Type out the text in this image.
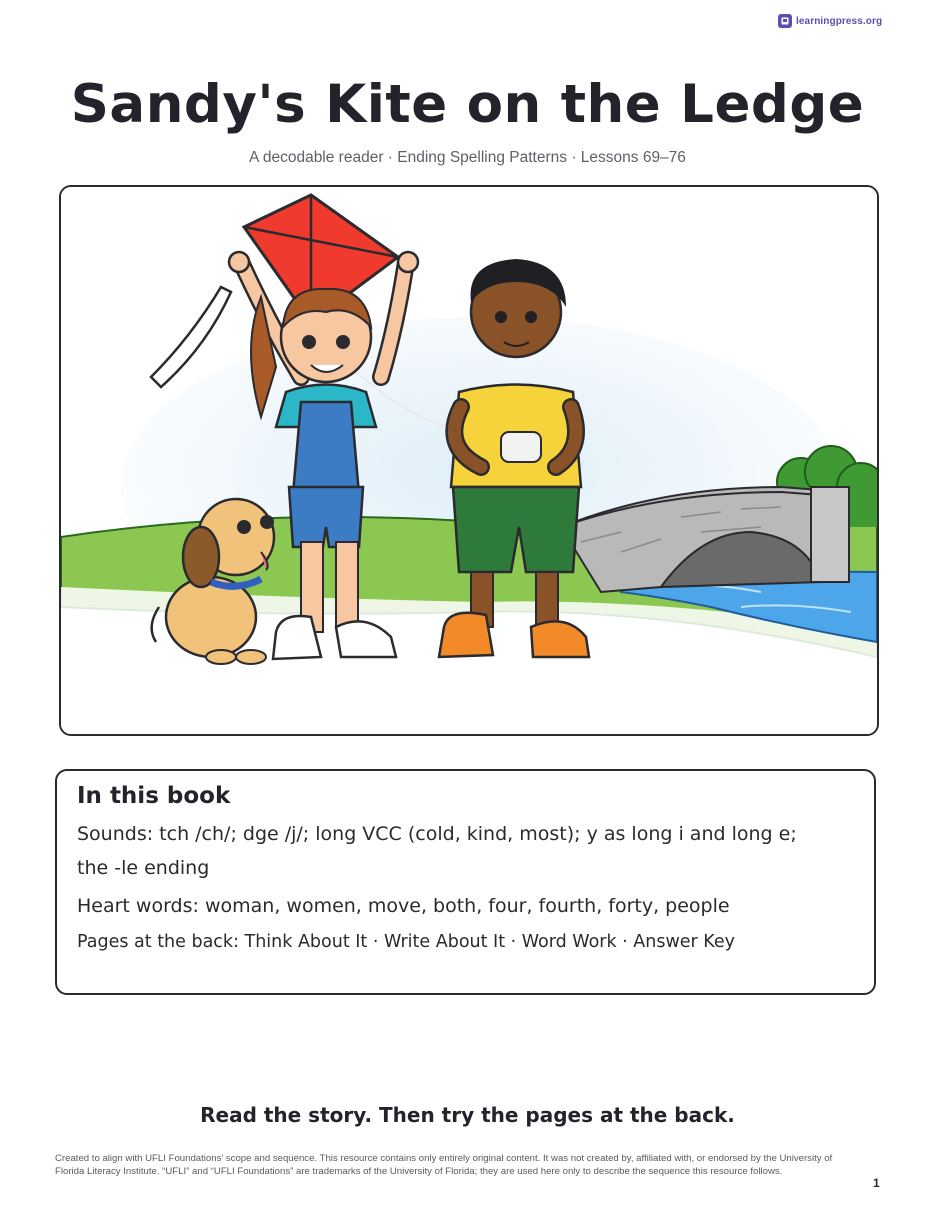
learningpress.org
Sandy's Kite on the Ledge
A decodable reader · Ending Spelling Patterns · Lessons 69–76
In this book

Sounds: tch /ch/; dge /j/; long VCC (cold, kind, most); y as long i and long e;

the -le ending

Heart words: woman, women, move, both, four, fourth, forty, people

Pages at the back: Think About It · Write About It · Word Work · Answer Key

Read the story. Then try the pages at the back.
Created to align with UFLI Foundations' scope and sequence. This resource contains only entirely original content. It was not created by, affiliated with, or endorsed by the University of Florida Literacy Institute. “UFLI” and “UFLI Foundations” are trademarks of the University of Florida; they are used here only to describe the sequence this resource follows.
1
